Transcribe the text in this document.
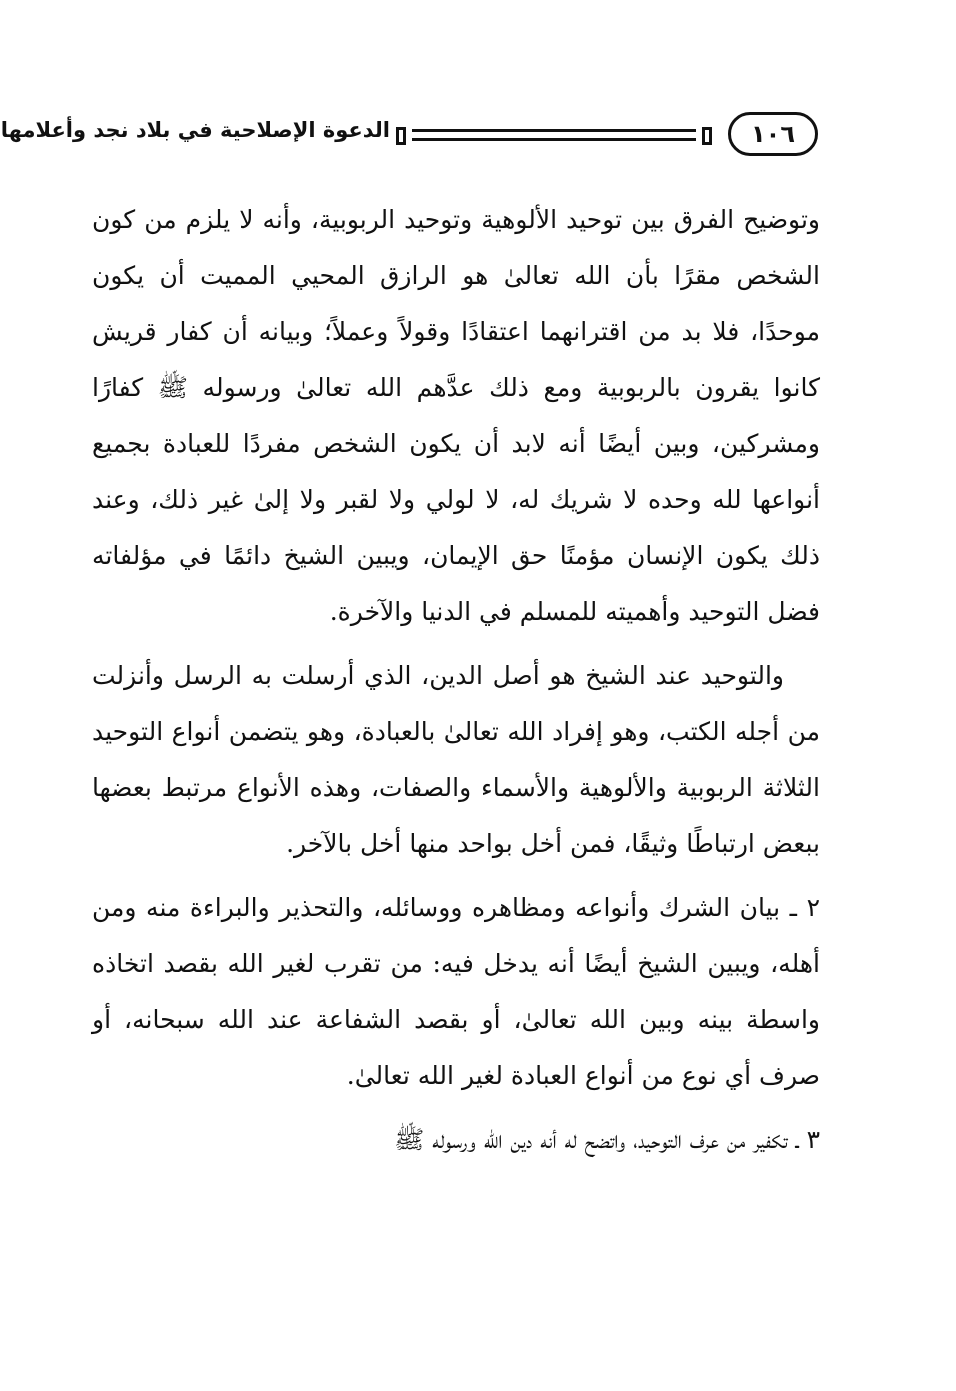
الدعوة الإصلاحية في بلاد نجد وأعلامها	١٠٦

وتوضيح الفرق بين توحيد الألوهية وتوحيد الربوبية، وأنه لا يلزم من كون الشخص مقرًا بأن الله تعالىٰ هو الرازق المحيي المميت أن يكون موحدًا، فلا بد من اقترانهما اعتقادًا وقولاً وعملاً؛ وبيانه أن كفار قريش كانوا يقرون بالربوبية ومع ذلك عدَّهم الله تعالىٰ ورسوله ﷺ كفارًا ومشركين، وبين أيضًا أنه لابد أن يكون الشخص مفردًا للعبادة بجميع أنواعها لله وحده لا شريك له، لا لولي ولا لقبر ولا إلىٰ غير ذلك، وعند ذلك يكون الإنسان مؤمنًا حق الإيمان، ويبين الشيخ دائمًا في مؤلفاته فضل التوحيد وأهميته للمسلم في الدنيا والآخرة.

والتوحيد عند الشيخ هو أصل الدين، الذي أرسلت به الرسل وأنزلت من أجله الكتب، وهو إفراد الله تعالىٰ بالعبادة، وهو يتضمن أنواع التوحيد الثلاثة الربوبية والألوهية والأسماء والصفات، وهذه الأنواع مرتبط بعضها ببعض ارتباطًا وثيقًا، فمن أخل بواحد منها أخل بالآخر.

٢ ـ بيان الشرك وأنواعه ومظاهره ووسائله، والتحذير والبراءة منه ومن أهله، ويبين الشيخ أيضًا أنه يدخل فيه: من تقرب لغير الله بقصد اتخاذه واسطة بينه وبين الله تعالىٰ، أو بقصد الشفاعة عند الله سبحانه، أو صرف أي نوع من أنواع العبادة لغير الله تعالىٰ.

٣ ـ تكفير من عرف التوحيد، واتضح له أنه دين الله ورسوله ﷺ
